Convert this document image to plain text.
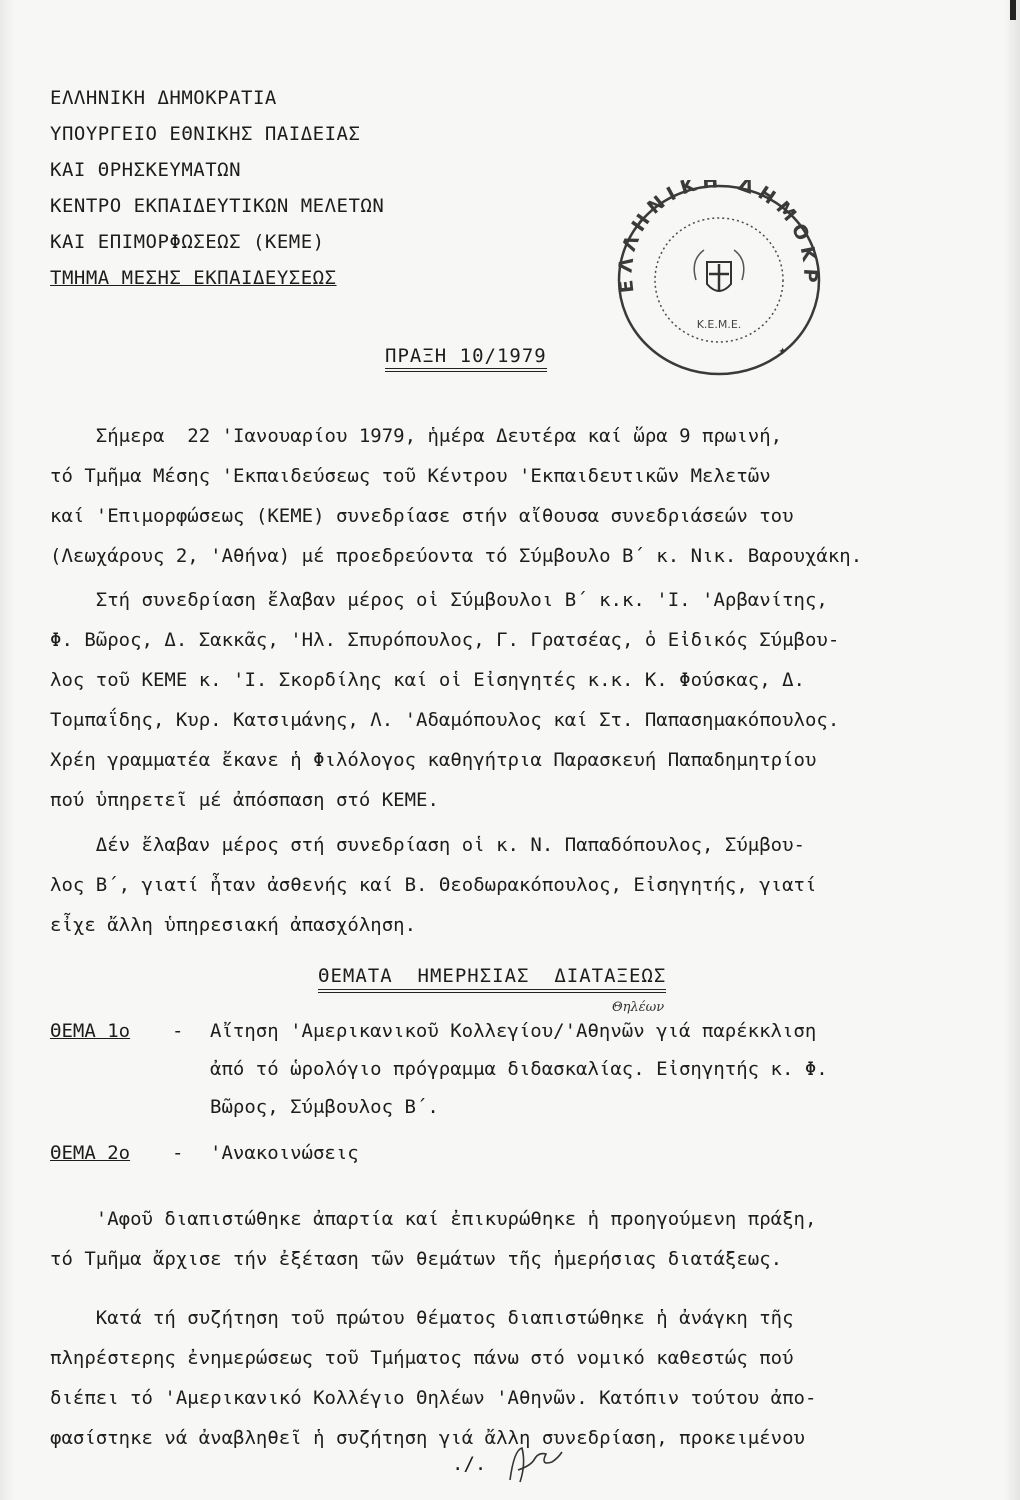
ΕΛΛΗΝΙΚΗ ΔΗΜΟΚΡΑΤΙΑ
ΥΠΟΥΡΓΕΙΟ ΕΘΝΙΚΗΣ ΠΑΙΔΕΙΑΣ
ΚΑΙ ΘΡΗΣΚΕΥΜΑΤΩΝ
ΚΕΝΤΡΟ ΕΚΠΑΙΔΕΥΤΙΚΩΝ ΜΕΛΕΤΩΝ
ΚΑΙ ΕΠΙΜΟΡΦΩΣΕΩΣ (ΚΕΜΕ)
ΤΜΗΜΑ ΜΕΣΗΣ ΕΚΠΑΙΔΕΥΣΕΩΣ	ΕΛΛΗΝΙΚΗ ΔΗΜΟΚΡ
Κ.Ε.Μ.Ε.
✦
ΠΡΑΞΗ 10/1979
Σήμερα  22 'Ιανουαρίου 1979, ἡμέρα Δευτέρα καί ὥρα 9 πρωινή,
τό Τμῆμα Μέσης 'Εκπαιδεύσεως τοῦ Κέντρου 'Εκπαιδευτικῶν Μελετῶν
καί 'Επιμορφώσεως (ΚΕΜΕ) συνεδρίασε στήν αἴθουσα συνεδριάσεών του
(Λεωχάρους 2, 'Αθήνα) μέ προεδρεύοντα τό Σύμβουλο Β΄ κ. Νικ. Βαρουχάκη.
Στή συνεδρίαση ἔλαβαν μέρος οἱ Σύμβουλοι Β΄ κ.κ. 'Ι. 'Αρβανίτης,
Φ. Βῶρος, Δ. Σακκᾶς, 'Ηλ. Σπυρόπουλος, Γ. Γρατσέας, ὁ Εἰδικός Σύμβου-
λος τοῦ ΚΕΜΕ κ. 'Ι. Σκορδίλης καί οἱ Εἰσηγητές κ.κ. Κ. Φούσκας, Δ.
Τομπαΐδης, Κυρ. Κατσιμάνης, Λ. 'Αδαμόπουλος καί Στ. Παπασημακόπουλος.
Χρέη γραμματέα ἔκανε ἡ Φιλόλογος καθηγήτρια Παρασκευή Παπαδημητρίου
πού ὑπηρετεῖ μέ ἀπόσπαση στό ΚΕΜΕ.
Δέν ἔλαβαν μέρος στή συνεδρίαση οἱ κ. Ν. Παπαδόπουλος, Σύμβου-
λος Β΄, γιατί ἦταν ἀσθενής καί Β. Θεοδωρακόπουλος, Εἰσηγητής, γιατί
εἶχε ἄλλη ὑπηρεσιακή ἀπασχόληση.
ΘΕΜΑΤΑ  ΗΜΕΡΗΣΙΑΣ  ΔΙΑΤΑΞΕΩΣ
Θηλέων
ΘΕΜΑ 1ο - Αἴτηση 'Αμερικανικοῦ Κολλεγίου/'Αθηνῶν γιά παρέκκλιση
ἀπό τό ὡρολόγιο πρόγραμμα διδασκαλίας. Εἰσηγητής κ. Φ.
Βῶρος, Σύμβουλος Β΄.
ΘΕΜΑ 2ο - 'Ανακοινώσεις
'Αφοῦ διαπιστώθηκε ἀπαρτία καί ἐπικυρώθηκε ἡ προηγούμενη πράξη,
τό Τμῆμα ἄρχισε τήν ἐξέταση τῶν θεμάτων τῆς ἡμερήσιας διατάξεως.
Κατά τή συζήτηση τοῦ πρώτου θέματος διαπιστώθηκε ἡ ἀνάγκη τῆς
πληρέστερης ἐνημερώσεως τοῦ Τμήματος πάνω στό νομικό καθεστώς πού
διέπει τό 'Αμερικανικό Κολλέγιο Θηλέων 'Αθηνῶν. Κατόπιν τούτου ἀπο-
φασίστηκε νά ἀναβληθεῖ ἡ συζήτηση γιά ἄλλη συνεδρίαση, προκειμένου
./.
